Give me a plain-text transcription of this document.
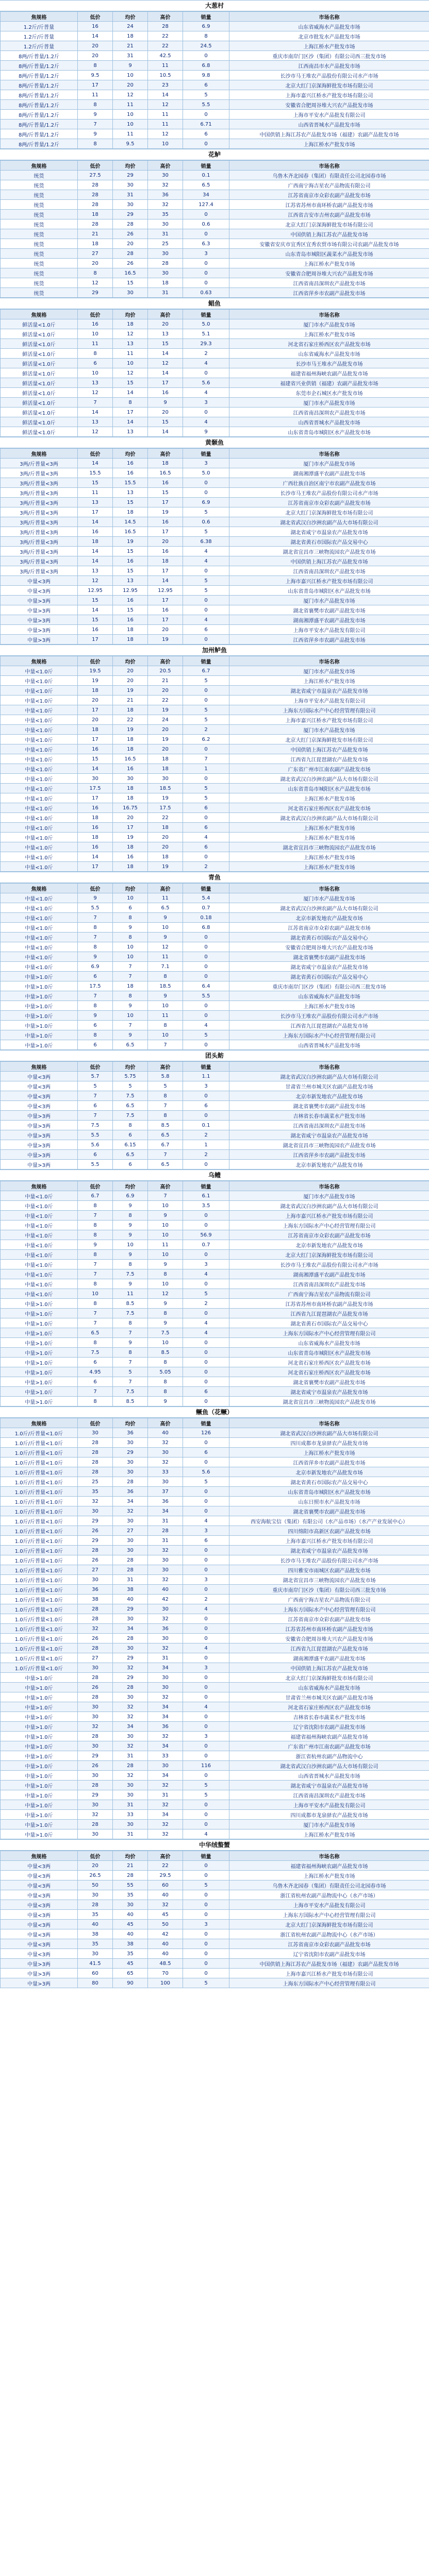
大葱村
焦规格	低价	均价	高价	销量	市场名称
1.2斤/斤普量	16	24	28	6.9	山东省威海水产品批发市场
1.2斤/斤普量	14	18	22	8	北京市批发水产品批发市场
1.2斤/斤普量	20	21	22	24.5	上海江桥水产批发市场
8两/斤普量/1.2斤	20	31	42.5	0	重庆市南岸门区沙（集团）有限公司西三批发市场
8两/斤普量/1.2斤	8	9	11	6.8	江西南昌市水产品批发市场
8两/斤普量/1.2斤	9.5	10	10.5	9.8	长沙市马王堆农产品股份有限公司水产市场
8两/斤普量/1.2斤	17	20	23	6	北京大红门京深海鲜批发市场有限公司
8两/斤普量/1.2斤	11	12	14	5	上海市嘉兴江桥水产批发市场有限公司
8两/斤普量/1.2斤	8	11	12	5.5	安徽省合肥周谷堆大兴农产品批发市场
8两/斤普量/1.2斤	9	10	11	0	上海市平安水产品批发有限公司
8两/斤普量/1.2斤	7	10	11	6.71	山西省晋城水产品批发市场
8两/斤普量/1.2斤	9	11	12	6	中国供销上海江苏农产品批发市场（福建）农副产品批发市场
8两/斤普量/1.2斤	8	9.5	10	0	上海江桥水产批发市场
花鲈
焦规格	低价	均价	高价	销量	市场名称
统货	27.5	29	30	0.1	乌鲁木齐北园春（集团）有限责任公司北园春市场
统货	28	30	32	6.5	广西南宁海吉星农产品物流有限公司
统货	28	31	36	34	江苏省南京市众彩农副产品批发市场
统货	28	30	32	127.4	江苏省苏州市南环桥农副产品批发市场
统货	18	29	35	0	江西省吉安市吉州农副产品批发市场
统货	28	28	30	0.6	北京大红门京深海鲜批发市场有限公司
统货	21	26	31	0	中国供销上海江苏农产品批发市场
统货	18	20	25	6.3	安徽省安庆市宜秀区宜秀农贸市场有限公司农副产品批发市场
统货	27	28	30	3	山东青岛市城阳区蔬菜水产品批发市场
统货	20	26	28	0	上海江桥水产批发市场
统货	8	16.5	30	0	安徽省合肥周谷堆大兴农产品批发市场
统货	12	15	18	0	江西省南昌深圳农产品批发市场
统货	29	30	31	0.63	江西省萍乡市农副产品批发市场
鲳鱼
焦规格	低价	均价	高价	销量	市场名称
鲜活量<1.0斤	16	18	20	5.0	厦门市水产品批发市场
鲜活量<1.0斤	10	12	13	5.1	上海江桥水产批发市场
鲜活量<1.0斤	11	13	15	29.3	河北省石家庄桥西区农产品批发市场
鲜活量<1.0斤	8	11	14	2	山东省威海水产品批发市场
鲜活量<1.0斤	6	10	12	4	长沙市马王堆水产品批发市场
鲜活量<1.0斤	10	12	14	0	福建省福州海峡农副产品批发市场
鲜活量<1.0斤	13	15	17	5.6	福建省兴业供销（福建）农副产品批发市场
鲜活量<1.0斤	12	14	16	4	东莞市企石城区水产批发市场
鲜活量<1.0斤	7	8	9	3	厦门市水产品批发市场
鲜活量<1.0斤	14	17	20	0	江西省南昌深圳农产品批发市场
鲜活量<1.0斤	13	14	15	4	山西省晋城水产品批发市场
鲜活量<1.0斤	12	13	14	9	山东省青岛市城阳区水产品批发市场
黄颡鱼
焦规格	低价	均价	高价	销量	市场名称
3两/斤普量<3两	14	16	18	3	厦门市水产品批发市场
3两/斤普量<3两	15.5	16	16.5	5.0	湖南湘潭盛平农副产品批发市场
3两/斤普量<3两	15	15.5	16	0	广西壮族自治区南宁市农副产品批发市场
3两/斤普量<3两	11	13	15	0	长沙市马王堆农产品股份有限公司水产市场
3两/斤普量<3两	13	15	17	6.9	江苏省南京市众彩农副产品批发市场
3两/斤普量<3两	17	18	19	5	北京大红门京深海鲜批发市场有限公司
3两/斤普量<3两	14	14.5	16	0.6	湖北省武汉白沙洲农副产品大市场有限公司
3两/斤普量<3两	16	16.5	17	5	湖北省咸宁市温泉农产品批发市场
3两/斤普量<3两	18	19	20	6.38	湖北省黄石市国际农产品交易中心
3两/斤普量<3两	14	15	16	4	湖北省宜昌市三峡物流园农产品批发市场
3两/斤普量<3两	14	16	18	4	中国供销上海江苏农产品批发市场
3两/斤普量<3两	13	15	17	0	江西省南昌深圳农产品批发市场
中量<3两	12	13	14	5	上海市嘉兴江桥水产批发市场有限公司
中量<3两	12.95	12.95	12.95	5	山东省青岛市城阳区水产品批发市场
中量>3两	15	16	17	0	厦门市水产品批发市场
中量>3两	14	15	16	0	湖北省襄樊市农副产品批发市场
中量>3两	15	16	17	4	湖南湘潭盛平农副产品批发市场
中量>3两	16	18	20	6	上海市平安水产品批发有限公司
中量>3两	17	18	19	0	江西省萍乡市农副产品批发市场
加州鲈鱼
焦规格	低价	均价	高价	销量	市场名称
中量<1.0斤	19.5	20	20.5	6.7	厦门市水产品批发市场
中量<1.0斤	19	20	21	5	上海江桥水产批发市场
中量<1.0斤	18	19	20	0	湖北省咸宁市温泉农产品批发市场
中量<1.0斤	20	21	22	0	上海市平安水产品批发有限公司
中量<1.0斤	17	18	19	5	上海东方国际水产中心经营管理有限公司
中量<1.0斤	20	22	24	5	上海市嘉兴江桥水产批发市场有限公司
中量<1.0斤	18	19	20	2	厦门市水产品批发市场
中量<1.0斤	17	18	19	6.2	北京大红门京深海鲜批发市场有限公司
中量<1.0斤	16	18	20	0	中国供销上海江苏农产品批发市场
中量<1.0斤	15	16.5	18	7	江西省九江琵琶湖农产品批发市场
中量<1.0斤	14	16	18	1	广东省广州市江南农副产品批发市场
中量<1.0斤	30	30	30	0	湖北省武汉白沙洲农副产品大市场有限公司
中量<1.0斤	17.5	18	18.5	5	山东省青岛市城阳区水产品批发市场
中量<1.0斤	17	18	19	5	上海江桥水产批发市场
中量<1.0斤	16	16.75	17.5	6	河北省石家庄桥西区农产品批发市场
中量<1.0斤	18	20	22	0	湖北省武汉白沙洲农副产品大市场有限公司
中量<1.0斤	16	17	18	6	上海江桥水产批发市场
中量<1.0斤	18	19	20	4	上海江桥水产批发市场
中量<1.0斤	16	18	20	6	湖北省宜昌市三峡物流园农产品批发市场
中量<1.0斤	14	16	18	0	上海江桥水产批发市场
中量<1.0斤	17	18	19	2	上海江桥水产批发市场
青鱼
焦规格	低价	均价	高价	销量	市场名称
中量<1.0斤	9	10	11	5.4	厦门市水产品批发市场
中量<1.0斤	5.5	6	6.5	0.7	湖北省武汉白沙洲农副产品大市场有限公司
中量<1.0斤	7	8	9	0.18	北京市新发地农产品批发市场
中量<1.0斤	8	9	10	6.8	江苏省南京市众彩农副产品批发市场
中量<1.0斤	7	8	9	0	湖北省黄石市国际农产品交易中心
中量<1.0斤	8	10	12	0	安徽省合肥周谷堆大兴农产品批发市场
中量<1.0斤	9	10	11	0	湖北省襄樊市农副产品批发市场
中量<1.0斤	6.9	7	7.1	0	湖北省咸宁市温泉农产品批发市场
中量>1.0斤	6	7	8	0	湖北省黄石市国际农产品交易中心
中量>1.0斤	17.5	18	18.5	6.4	重庆市南岸门区沙（集团）有限公司西三批发市场
中量>1.0斤	7	8	9	5.5	山东省威海水产品批发市场
中量>1.0斤	8	9	10	0	上海江桥水产批发市场
中量>1.0斤	9	10	11	0	长沙市马王堆农产品股份有限公司水产市场
中量>1.0斤	6	7	8	4	江西省九江琵琶湖农产品批发市场
中量>1.0斤	8	9	10	5	上海东方国际水产中心经营管理有限公司
中量>1.0斤	6	6.5	7	0	山西省晋城水产品批发市场
团头鲂
焦规格	低价	均价	高价	销量	市场名称
中量<3两	5.7	5.75	5.8	1.1	湖北省武汉白沙洲农副产品大市场有限公司
中量<3两	5	5	5	3	甘肃省兰州市城关区农副产品批发市场
中量<3两	7	7.5	8	0	北京市新发地农产品批发市场
中量<3两	6	6.5	7	6	湖北省襄樊市农副产品批发市场
中量>3两	7	7.5	8	0	吉林省长春市蔬菜水产批发市场
中量>3两	7.5	8	8.5	0.1	江西省南昌深圳农产品批发市场
中量>3两	5.5	6	6.5	2	湖北省咸宁市温泉农产品批发市场
中量>3两	5.6	6.15	6.7	1	湖北省宜昌市三峡物流园农产品批发市场
中量>3两	6	6.5	7	2	江西省萍乡市农副产品批发市场
中量>3两	5.5	6	6.5	0	北京市新发地农产品批发市场
乌鳢
焦规格	低价	均价	高价	销量	市场名称
中量<1.0斤	6.7	6.9	7	6.1	厦门市水产品批发市场
中量<1.0斤	8	9	10	3.5	湖北省武汉白沙洲农副产品大市场有限公司
中量<1.0斤	7	8	9	0	上海市嘉兴江桥水产批发市场有限公司
中量<1.0斤	8	9	10	0	上海东方国际水产中心经营管理有限公司
中量<1.0斤	8	9	10	56.9	江苏省南京市众彩农副产品批发市场
中量<1.0斤	9	10	11	0.7	北京市新发地农产品批发市场
中量<1.0斤	8	9	10	0	北京大红门京深海鲜批发市场有限公司
中量<1.0斤	7	8	9	3	长沙市马王堆农产品股份有限公司水产市场
中量<1.0斤	7	7.5	8	4	湖南湘潭盛平农副产品批发市场
中量<1.0斤	8	9	10	0	江西省南昌深圳农产品批发市场
中量<1.0斤	10	11	12	5	广西南宁海吉星农产品物流有限公司
中量>1.0斤	8	8.5	9	2	江苏省苏州市南环桥农副产品批发市场
中量>1.0斤	7	7.5	8	0	江西省九江琵琶湖农产品批发市场
中量>1.0斤	7	8	9	4	湖北省黄石市国际农产品交易中心
中量>1.0斤	6.5	7	7.5	4	上海东方国际水产中心经营管理有限公司
中量>1.0斤	8	9	10	0	山东省威海水产品批发市场
中量>1.0斤	7.5	8	8.5	0	山东省青岛市城阳区水产品批发市场
中量>1.0斤	6	7	8	0	河北省石家庄桥西区农产品批发市场
中量>1.0斤	4.95	5	5.05	0	河北省石家庄桥西区农产品批发市场
中量>1.0斤	6	7	8	0	湖北省襄樊市农副产品批发市场
中量>1.0斤	7	7.5	8	6	湖北省咸宁市温泉农产品批发市场
中量>1.0斤	8	8.5	9	0	湖北省宜昌市三峡物流园农产品批发市场
鳜鱼（花鳜）
焦规格	低价	均价	高价	销量	市场名称
1.0斤/斤普量<1.0斤	30	36	40	126	湖北省武汉白沙洲农副产品大市场有限公司
1.0斤/斤普量<1.0斤	28	30	32	0	四川成都市龙泉驿农产品批发市场
1.0斤/斤普量<1.0斤	28	29	30	6	上海江桥水产批发市场
1.0斤/斤普量<1.0斤	28	30	32	0	江西省萍乡市农副产品批发市场
1.0斤/斤普量<1.0斤	28	30	33	5.6	北京市新发地农产品批发市场
1.0斤/斤普量<1.0斤	25	28	30	5	湖北省黄石市国际农产品交易中心
1.0斤/斤普量<1.0斤	35	36	37	0	山东省青岛市城阳区水产品批发市场
1.0斤/斤普量<1.0斤	32	34	36	0	山东日照市水产品批发市场
1.0斤/斤普量<1.0斤	30	32	34	0	湖北省襄樊市农副产品批发市场
1.0斤/斤普量<1.0斤	29	30	31	4	西安海航宝信（集团）有限公司（水产品市场）（水产产业发展中心）
1.0斤/斤普量<1.0斤	26	27	28	3	四川绵阳市高新区农副产品批发市场
1.0斤/斤普量<1.0斤	29	30	31	6	上海市嘉兴江桥水产批发市场有限公司
1.0斤/斤普量<1.0斤	28	30	32	0	湖北省咸宁市温泉农产品批发市场
1.0斤/斤普量<1.0斤	26	28	30	0	长沙市马王堆农产品股份有限公司水产市场
1.0斤/斤普量<1.0斤	27	28	30	0	四川雅安市雨城区农副产品批发市场
1.0斤/斤普量<1.0斤	30	31	32	3	湖北省宜昌市三峡物流园农产品批发市场
1.0斤/斤普量<1.0斤	36	38	40	0	重庆市南岸门区沙（集团）有限公司西三批发市场
1.0斤/斤普量<1.0斤	38	40	42	2	广西南宁海吉星农产品物流有限公司
1.0斤/斤普量<1.0斤	28	29	30	4	上海东方国际水产中心经营管理有限公司
1.0斤/斤普量<1.0斤	28	30	32	0	江苏省南京市众彩农副产品批发市场
1.0斤/斤普量<1.0斤	32	34	36	0	江苏省苏州市南环桥农副产品批发市场
1.0斤/斤普量<1.0斤	26	28	30	0	安徽省合肥周谷堆大兴农产品批发市场
1.0斤/斤普量<1.0斤	28	30	32	4	江西省九江琵琶湖农产品批发市场
1.0斤/斤普量<1.0斤	27	29	31	0	湖南湘潭盛平农副产品批发市场
1.0斤/斤普量<1.0斤	30	32	34	3	中国供销上海江苏农产品批发市场
中量>1.0斤	28	29	30	0	北京大红门京深海鲜批发市场有限公司
中量>1.0斤	26	28	30	0	山东省威海水产品批发市场
中量>1.0斤	28	30	32	0	甘肃省兰州市城关区农副产品批发市场
中量>1.0斤	30	32	34	4	河北省石家庄桥西区农产品批发市场
中量>1.0斤	30	32	34	0	吉林省长春市蔬菜水产批发市场
中量>1.0斤	32	34	36	0	辽宁省沈阳市农副产品批发市场
中量>1.0斤	28	30	32	3	福建省福州海峡农副产品批发市场
中量>1.0斤	30	32	34	0	广东省广州市江南农副产品批发市场
中量>1.0斤	29	31	33	0	浙江省杭州农副产品物流中心
中量>1.0斤	26	28	30	116	湖北省武汉白沙洲农副产品大市场有限公司
中量>1.0斤	30	32	34	0	山西省晋城水产品批发市场
中量>1.0斤	28	30	32	5	湖北省咸宁市温泉农产品批发市场
中量>1.0斤	29	30	31	5	江西省南昌深圳农产品批发市场
中量>1.0斤	30	31	32	0	上海市平安水产品批发有限公司
中量>1.0斤	32	33	34	0	四川成都市龙泉驿农产品批发市场
中量>1.0斤	28	30	32	0	厦门市水产品批发市场
中量>1.0斤	30	31	32	4	上海江桥水产批发市场
中华绒螯蟹
焦规格	低价	均价	高价	销量	市场名称
中量<3两	20	21	22	0	福建省福州海峡农副产品批发市场
中量<3两	26.5	28	29.5	0	上海江桥水产批发市场
中量<3两	50	55	60	5	乌鲁木齐北园春（集团）有限责任公司北园春市场
中量<3两	30	35	40	0	浙江省杭州农副产品物流中心（水产市场）
中量<3两	28	30	32	0	上海市平安水产品批发有限公司
中量<3两	35	40	45	0	上海东方国际水产中心经营管理有限公司
中量<3两	40	45	50	3	北京大红门京深海鲜批发市场有限公司
中量<3两	38	40	42	0	浙江省杭州农副产品物流中心（水产市场）
中量<3两	35	38	40	0	江苏省南京市众彩农副产品批发市场
中量<3两	30	35	40	0	辽宁省沈阳市农副产品批发市场
中量>3两	41.5	45	48.5	0	中国供销上海江苏农产品批发市场（福建）农副产品批发市场
中量>3两	60	65	70	0	上海市嘉兴江桥水产批发市场有限公司
中量>3两	80	90	100	5	上海东方国际水产中心经营管理有限公司
